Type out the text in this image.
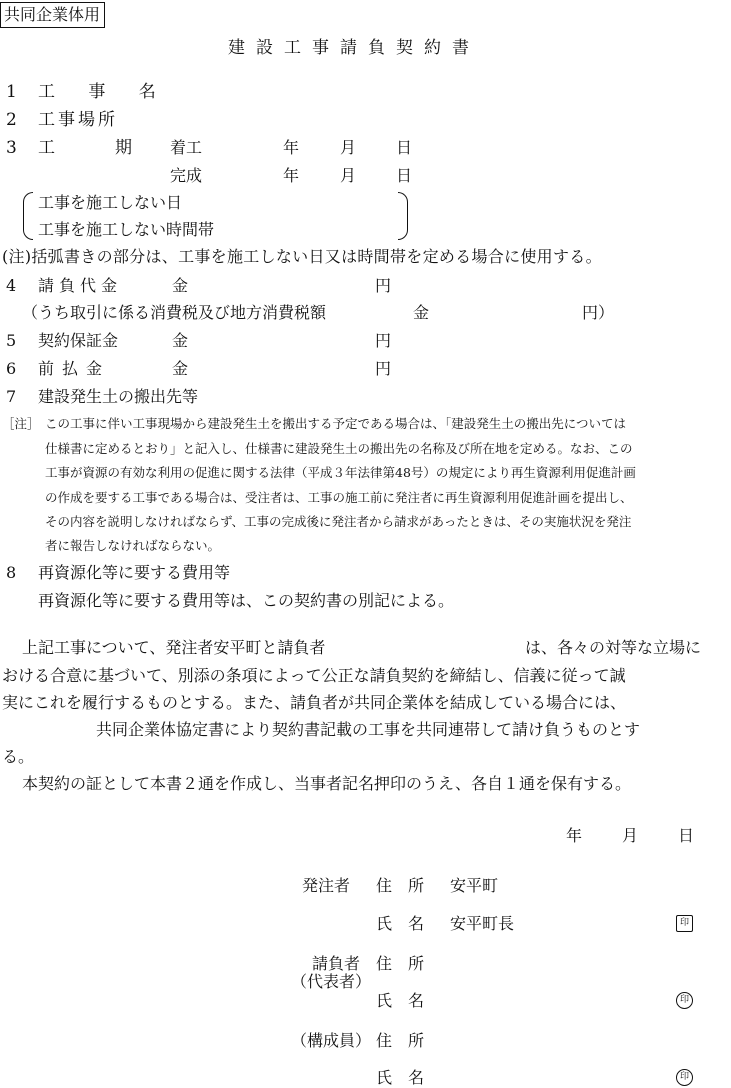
共同企業体用
建設工事請負契約書
1 工 事 名
2 工事場所
3 工	期 着工	年	月 日
完成	年	月 日
工事を施工しない日
工事を施工しない時間帯
(注)括弧書きの部分は、工事を施工しない日又は時間帯を定める場合に使用する。
4 請負代金	金	円
（うち取引に係る消費税及び地方消費税額	金	円）
5 契約保証金	金	円
6 前払金	金	円
7 建設発生土の搬出先等
［注］ この工事に伴い工事現場から建設発生土を搬出する予定である場合は、「建設発生土の搬出先については
仕様書に定めるとおり」と記入し、仕様書に建設発生土の搬出先の名称及び所在地を定める。なお、この
工事が資源の有効な利用の促進に関する法律（平成３年法律第48号）の規定により再生資源利用促進計画
の作成を要する工事である場合は、受注者は、工事の施工前に発注者に再生資源利用促進計画を提出し、
その内容を説明しなければならず、工事の完成後に発注者から請求があったときは、その実施状況を発注
者に報告しなければならない。
8 再資源化等に要する費用等
再資源化等に要する費用等は、この契約書の別記による。
上記工事について、発注者安平町と請負者	は、各々の対等な立場に
おける合意に基づいて、別添の条項によって公正な請負契約を締結し、信義に従って誠
実にこれを履行するものとする。また、請負者が共同企業体を結成している場合には、
共同企業体協定書により契約書記載の工事を共同連帯して請け負うものとす
る。
本契約の証として本書２通を作成し、当事者記名押印のうえ、各自１通を保有する。
年 月 日
発注者 住　所 安平町
氏　名 安平町長	印
請負者 住　所
（代表者）
氏　名	印
（構成員） 住　所
氏　名	印
